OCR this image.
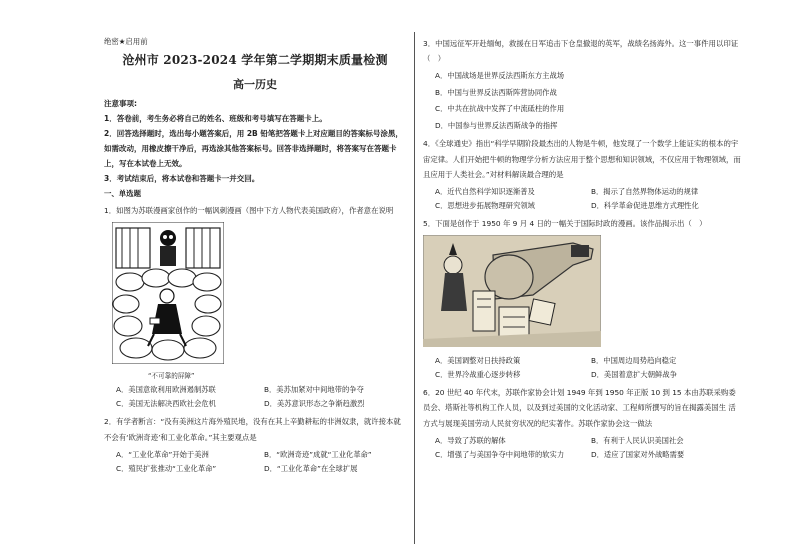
绝密★启用前
沧州市 2023-2024 学年第二学期期末质量检测
高一历史
注意事项:
1．答卷前，考生务必将自己的姓名、班级和考号填写在答题卡上。
2．回答选择题时，选出每小题答案后，用 2B 铅笔把答题卡上对应题目的答案标号涂黑，如需改动，用橡皮擦干净后，再选涂其他答案标号。回答非选择题时，将答案写在答题卡上，写在本试卷上无效。
3．考试结束后，将本试卷和答题卡一并交回。
一、单选题
1．如图为苏联漫画家创作的一幅讽刺漫画（图中下方人物代表美国政府），作者意在说明
“不可靠的屏障”
A．美国意欲利用欧洲遏制苏联	B．美苏加紧对中间地带的争夺
C．美国无法解决西欧社会危机	D．美苏意识形态之争渐趋激烈
2．有学者断言：“没有美洲这片海外殖民地，没有在其上辛勤耕耘的非洲奴隶，就许接本就不会有‘欧洲奇迹’和工业化革命。”其主要观点是
A．“工业化革命”开始于美洲	B．“欧洲奇迹”成就“工业化革命”
C．殖民扩张推动“工业化革命”	D．“工业化革命”在全球扩展
3．中国远征军开赴缅甸，救援在日军追击下仓皇撤退的英军，战绩名扬海外。这一事件用以印证（　）
A．中国战场是世界反法西斯东方主战场
B．中国与世界反法西斯阵营协同作战
C．中共在抗战中发挥了中流砥柱的作用
D．中国参与世界反法西斯战争的指挥
4．《全球通史》指出“科学早期阶段最杰出的人物是牛顿，他发现了一个数学上能证实的根本的宇宙定律。人们开始把牛顿的物理学分析方法应用于整个思想和知识领域，不仅应用于物理领域，而且应用于人类社会。”对材料解读最合理的是
A．近代自然科学知识逐渐普及	B．揭示了自然界物体运动的规律
C．思想进步拓展物理研究领域	D．科学革命促进思维方式理性化
5．下面是创作于 1950 年 9 月 4 日的一幅关于国际时政的漫画。该作品揭示出（　）
A．美国调整对日扶持政策	B．中国周边局势趋向稳定
C．世界冷战重心逐步转移	D．美国着意扩大朝鲜战争
6．20 世纪 40 年代末，苏联作家协会计划 1949 年到 1950 年正版 10 到 15 本由苏联采购委员会、塔斯社等机构工作人员，以及到过美国的文化活动家、工程师所撰写的旨在揭露美国生 活方式与展现美国劳动人民贫穷状况的纪实著作。苏联作家协会这一做法
A．导致了苏联的解体	B．有利于人民认识美国社会
C．增强了与美国争夺中间地带的软实力	D．适应了国家对外战略需要
